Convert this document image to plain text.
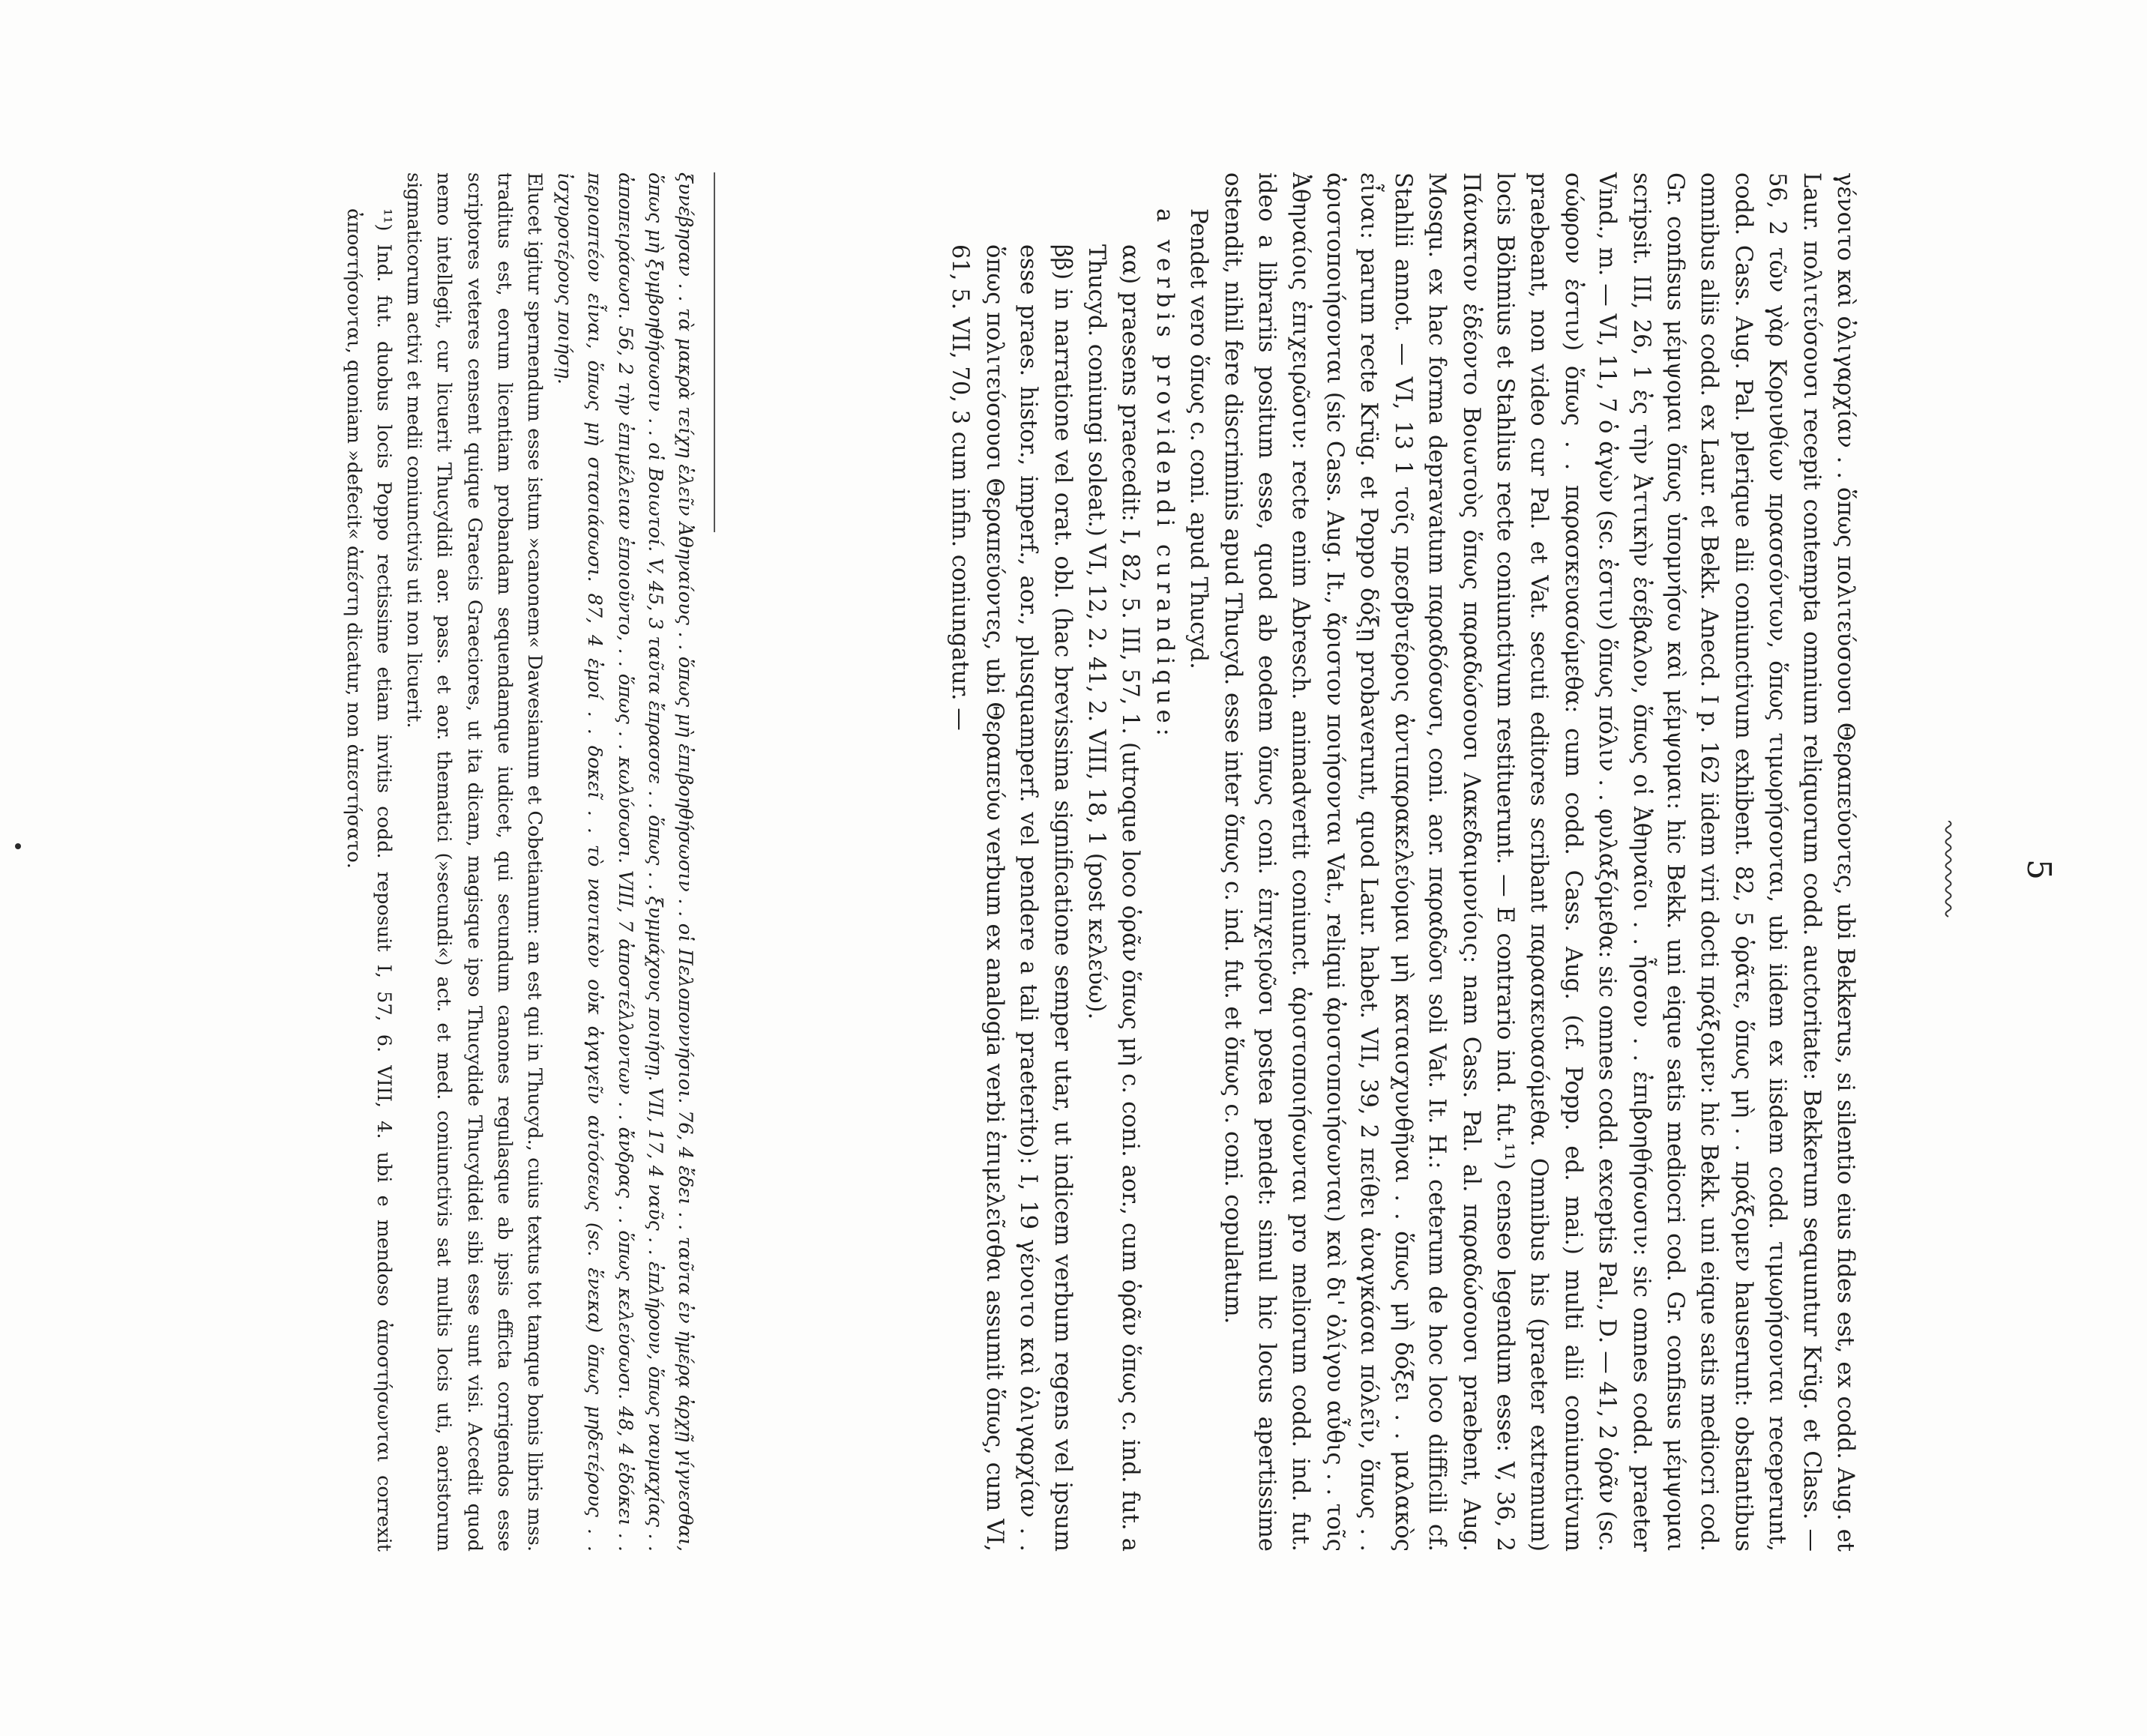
5

γένοιτο καὶ ὀλιγαρχίαν . . ὅπως πολιτεύσουσι Θεραπεύοντες, ubi Bekkerus, si silentio eius fides est, ex codd. Aug. et Laur. πολιτεύσουσι recepit contempta omnium reliquorum codd. auctoritate: Bekkerum sequuntur Krüg. et Class. — 56, 2 τῶν γὰρ Κορινθίων πρασσόντων, ὅπως τιμωρήσονται, ubi iidem ex iisdem codd. τιμωρήσονται receperunt, codd. Cass. Aug. Pal. plerique alii coniunctivum exhibent. 82, 5 ὁρᾶτε, ὅπως μὴ . . πράξομεν hauserunt: obstantibus omnibus aliis codd. ex Laur. et Bekk. Anecd. I p. 162 iidem viri docti πράξομεν: hic Bekk. uni eique satis mediocri cod. Gr. confisus μέμψομαι ὅπως ὑπομνήσω καὶ μέμψομαι: hic Bekk. uni eique satis mediocri cod. Gr. confisus μέμψομαι scripsit. III, 26, 1 ἐς τὴν Ἀττικὴν ἐσέβαλον, ὅπως οἱ Ἀθηναῖοι . . ἧσσον . . ἐπιβοηθήσωσιν: sic omnes codd. praeter Vind., m. — VI, 11, 7 ὁ ἀγὼν (sc. ἐστιν) ὅπως πόλιν . . φυλαξόμεθα: sic omnes codd. exceptis Pal., D. — 41, 2 ὁρᾶν (sc. σώφρον ἐστιν) ὅπως . . παρασκευασώμεθα: cum codd. Cass. Aug. (cf. Popp. ed. mai.) multi alii coniunctivum praebeant, non video cur Pal. et Vat. secuti editores scribant παρασκευασόμεθα. Omnibus his (praeter extremum) locis Böhmius et Stahlius recte coniunctivum restituerunt. — E contrario ind. fut.¹¹) censeo legendum esse: V, 36, 2 Πάνακτον ἐδέοντο Βοιωτοὺς ὅπως παραδώσουσι Λακεδαιμονίοις: nam Cass. Pal. al. παραδώσουσι praebent, Aug. Mosqu. ex hac forma depravatum παραδόσωσι, coni. aor. παραδῶσι soli Vat. It. H.: ceterum de hoc loco difficili cf. Stahlii annot. — VI, 13 1 τοῖς πρεσβυτέροις ἀντιπαρακελεύομαι μὴ καταισχυνθῆναι . . ὅπως μὴ δόξει . . μαλακὸς εἶναι: parum recte Krüg. et Poppo δόξῃ probaverunt, quod Laur. habet. VII, 39, 2 πείθει ἀναγκάσαι πόλεῖν, ὅπως . . ἀριστοποιήσονται (sic Cass. Aug. It., ἄριστον ποιήσονται Vat., reliqui ἀριστοποιήσωνται) καὶ δι' ὀλίγου αὖθις . . τοῖς Ἀθηναίοις ἐπιχειρῶσιν: recte enim Abresch. animadvertit coniunct. ἀριστοποιήσωνται pro meliorum codd. ind. fut. ideo a librariis positum esse, quod ab eodem ὅπως coni. ἐπιχειρῶσι postea pendet: simul hic locus apertissime ostendit, nihil fere discriminis apud Thucyd. esse inter ὅπως c. ind. fut. et ὅπως c. coni. copulatum.

Pendet vero ὅπως c. coni. apud Thucyd.

a verbis providendi curandique:

αα) praesens praecedit: I, 82, 5. III, 57, 1. (utroque loco ὁρᾶν ὅπως μὴ c. coni. aor., cum ὁρᾶν ὅπως c. ind. fut. a Thucyd. coniungi soleat.) VI, 12, 2. 41, 2. VIII, 18, 1 (post κελεύω).

ββ) in narratione vel orat. obl. (hac brevissima significatione semper utar, ut indicem verbum regens vel ipsum esse praes. histor., imperf., aor., plusquamperf. vel pendere a tali praeterito): I, 19 γένοιτο καὶ ὀλιγαρχίαν . . ὅπως πολιτεύσουσι Θεραπεύοντες, ubi Θεραπεύω verbum ex analogia verbi ἐπιμελεῖσθαι assumit ὅπως, cum VI, 61, 5. VII, 70, 3 cum infin. coniungatur. —

ξυνέβησαν . . τὰ μακρὰ τείχη ἑλεῖν Ἀθηναίους . . ὅπως μὴ ἐπιβοηθήσωσιν . . οἱ Πελοποννήσιοι. 76, 4 ἔδει . . ταῦτα ἐν ἡμέρᾳ ἀρχῇ γίγνεσθαι, ὅπως μὴ ξυμβοηθήσωσιν . . οἱ Βοιωτοί. V, 45, 3 ταῦτα ἔπρασσε . . ὅπως . . ξυμμάχους ποιήσῃ. VII, 17, 4 ναῦς . . ἐπλήρουν, ὅπως ναυμαχίας . . ἀποπειράσωσι. 56, 2 τὴν ἐπιμέλειαν ἐποιοῦντο, . . ὅπως . . κωλύσωσι. VIII, 7 ἀποστέλλοντων . . ἄνδρας . . ὅπως κελεύσωσι. 48, 4 ἐδόκει . . περιοπτέον εἶναι, ὅπως μὴ στασιάσωσι. 87, 4 ἐμοί . . δοκεῖ . . τὸ ναυτικὸν οὐκ ἀγαγεῖν αὐτόσεως (sc. ἕνεκα) ὅπως μηδετέρους . . ἰσχυροτέρους ποιήσῃ.

Elucet igitur spernendum esse istum »canonem« Dawesianum et Cobetianum: an est qui in Thucyd., cuius textus tot tamque bonis libris mss. traditus est, eorum licentiam probandam sequendamque iudicet, qui secundum canones regulasque ab ipsis effictа corrigendos esse scriptores veteres censent quique Graecis Graeciores, ut ita dicam, magisque ipso Thucydide Thucydidei sibi esse sunt visi. Accedit quod nemo intellegit, cur licuerit Thucydidi aor. pass. et aor. thematici (»secundi«) act. et med. coniunctivis sat multis locis uti, aoristorum sigmaticorum activi et medii coniunctivis uti non licuerit.

¹¹) Ind. fut. duobus locis Poppo rectissime etiam invitis codd. reposuit I, 57, 6. VIII, 4. ubi e mendoso ἀποστήσωνται correxit ἀποστήσονται, quoniam »defecit« ἀπέστη dicatur, non ἀπεστήσατο.
